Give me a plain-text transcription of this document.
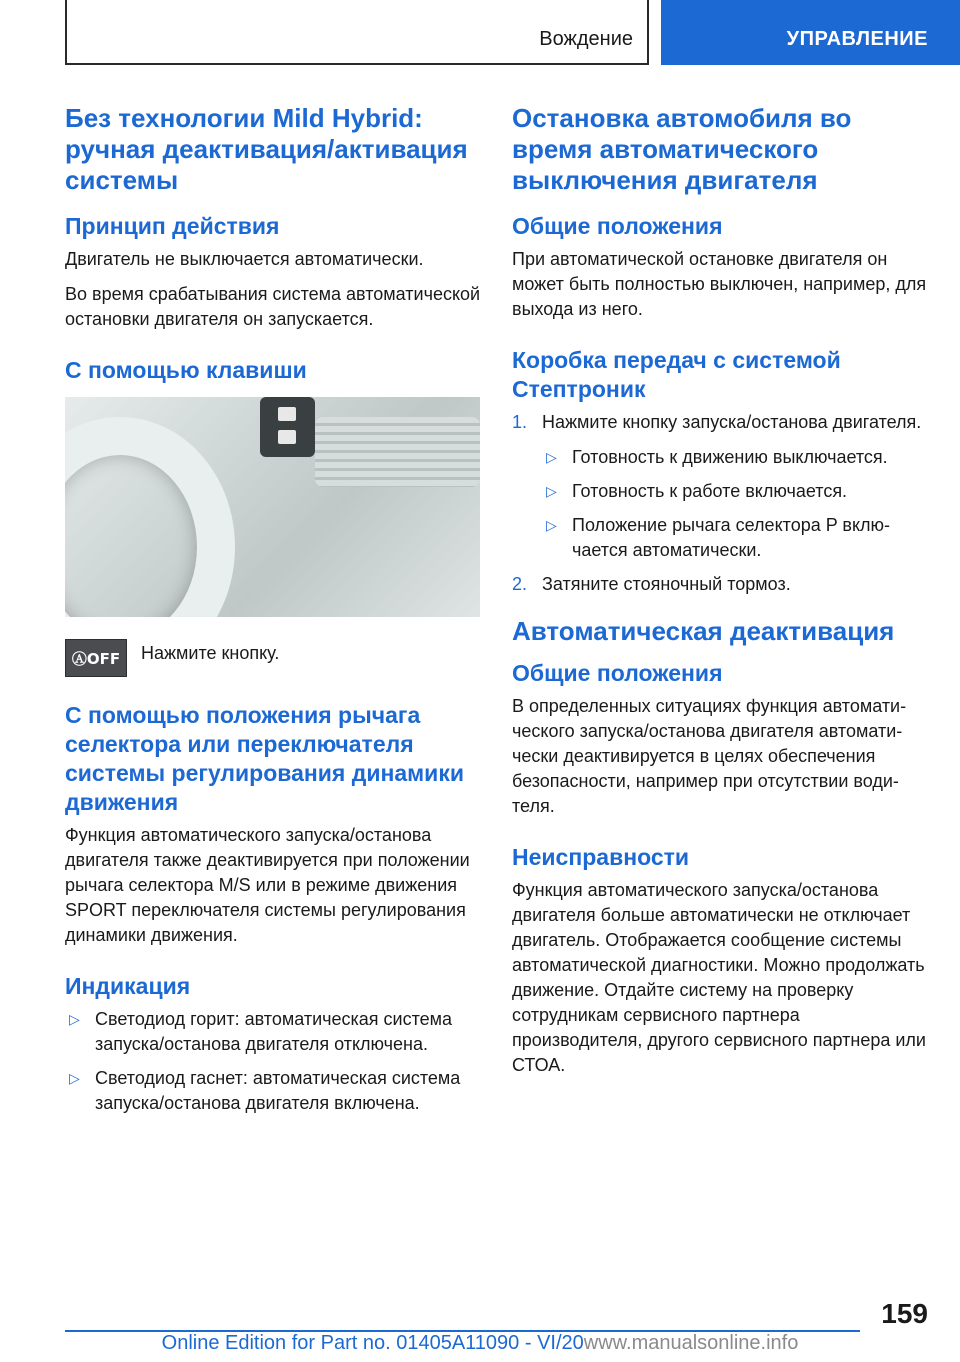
Вождение	УПРАВЛЕНИЕ
Без технологии Mild Hybrid: ручная деактивация/активация системы
Принцип действия

Двигатель не выключается автоматически.

Во время срабатывания система автоматической остановки двигателя он запускается.

С помощью клавиши
ⒶOFF	Нажмите кнопку.

С помощью положения рычага селектора или переключателя системы регулирования динамики движения

Функция автоматического запуска/останова двигателя также деактивируется при положении рычага селектора M/S или в режиме движения SPORT переключателя системы регулирования динамики движения.

Индикация
▷ Светодиод горит: автоматическая система запуска/останова двигателя отключена.
▷ Светодиод гаснет: автоматическая система запуска/останова двигателя включена.
Остановка автомобиля во время автоматического выключения двигателя
Общие положения

При автоматической остановке двигателя он может быть полностью выключен, например, для выхода из него.

Коробка передач с системой Стептроник
1. Нажмите кнопку запуска/останова двигателя.
▷ Готовность к движению выключается.
▷ Готовность к работе включается.
▷ Положение рычага селектора P включается автоматически.
2. Затяните стояночный тормоз.
Автоматическая деактивация
Общие положения

В определенных ситуациях функция автоматического запуска/останова двигателя автоматически деактивируется в целях обеспечения безопасности, например при отсутствии водителя.

Неисправности

Функция автоматического запуска/останова двигателя больше автоматически не отключает двигатель. Отображается сообщение системы автоматической диагностики. Можно продолжать движение. Отдайте систему на проверку сотрудникам сервисного партнера производителя, другого сервисного партнера или СТОА.

159
Online Edition for Part no. 01405A11090 - VI/20www.manualsonline.info
